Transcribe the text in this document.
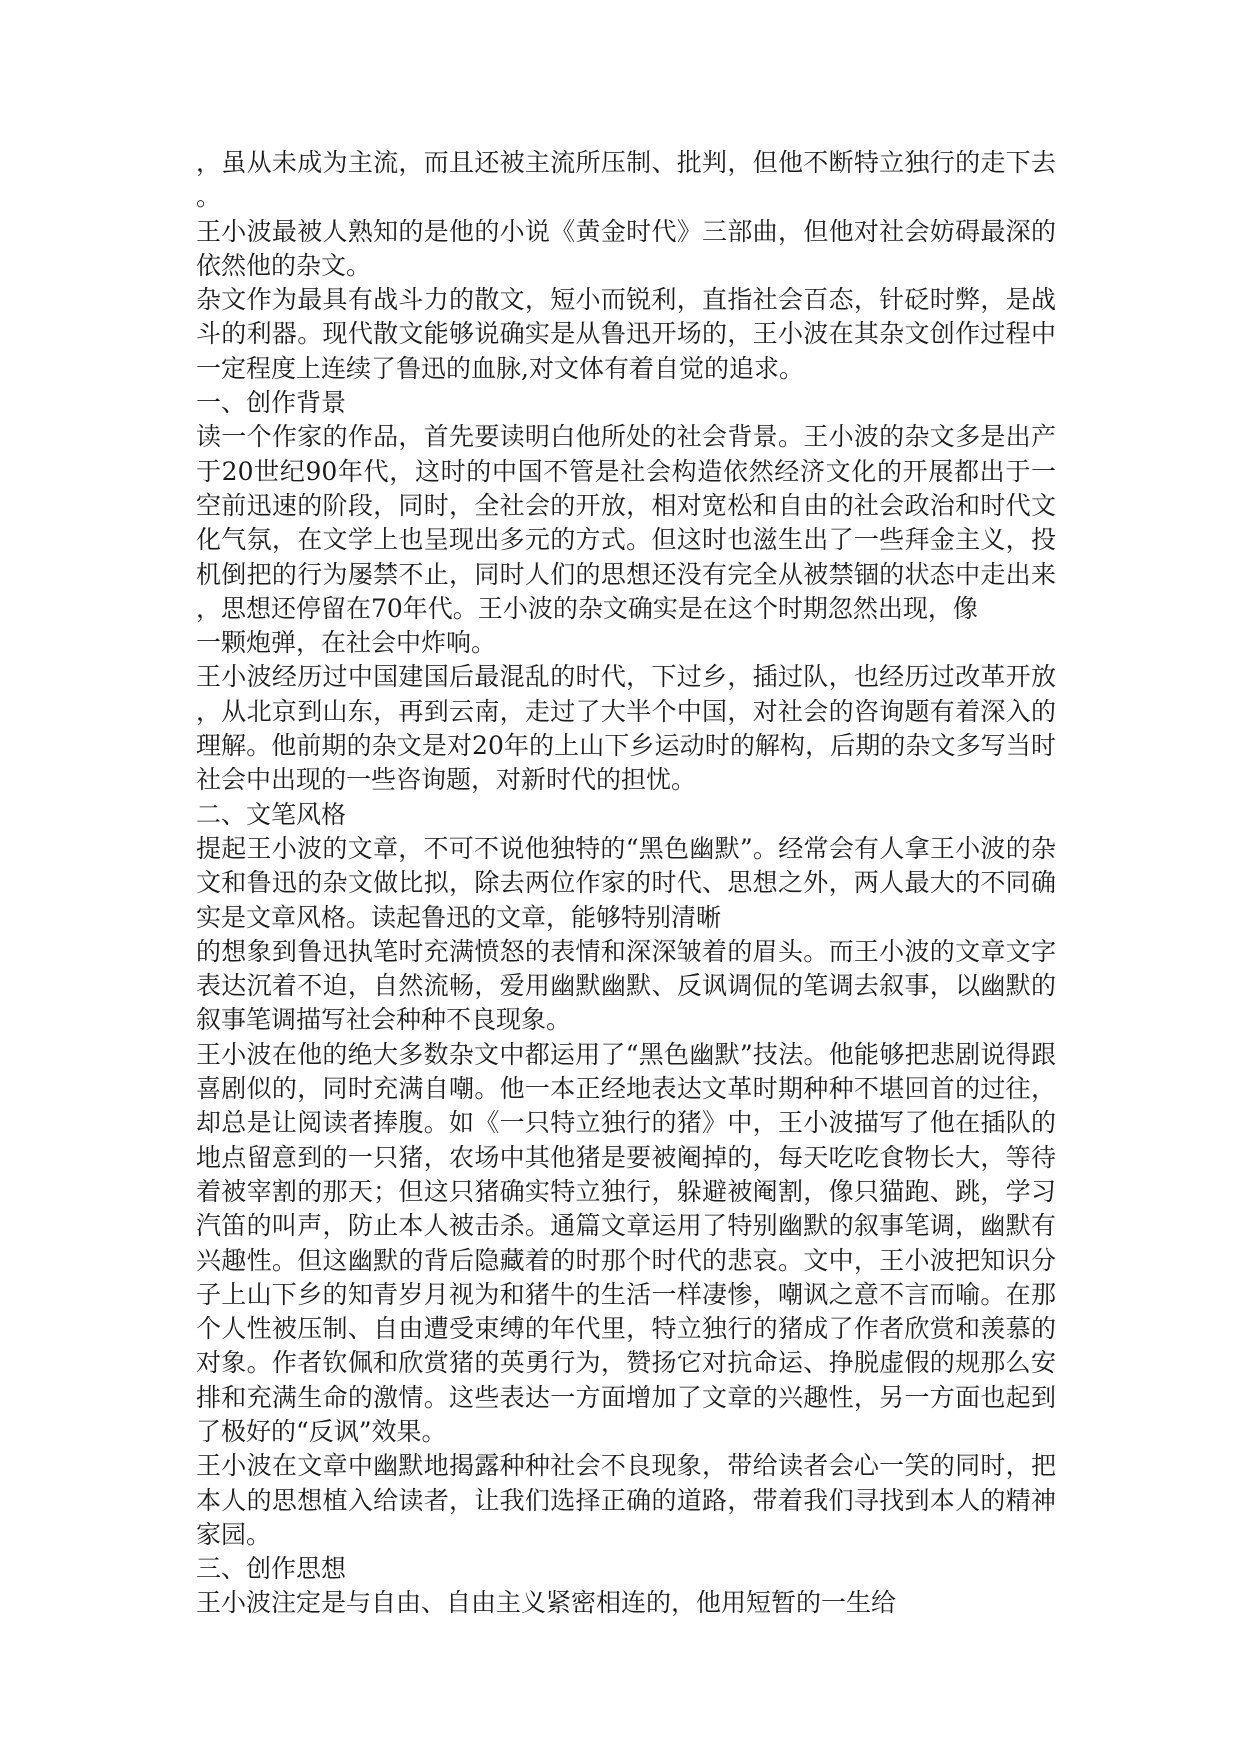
，虽从未成为主流，而且还被主流所压制、批判，但他不断特立独行的走下去
。
王小波最被人熟知的是他的小说《黄金时代》三部曲，但他对社会妨碍最深的
依然他的杂文。
杂文作为最具有战斗力的散文，短小而锐利，直指社会百态，针砭时弊，是战
斗的利器。现代散文能够说确实是从鲁迅开场的，王小波在其杂文创作过程中
一定程度上连续了鲁迅的血脉,对文体有着自觉的追求。
一、创作背景
读一个作家的作品，首先要读明白他所处的社会背景。王小波的杂文多是出产
于20世纪90年代，这时的中国不管是社会构造依然经济文化的开展都出于一
空前迅速的阶段，同时，全社会的开放，相对宽松和自由的社会政治和时代文
化气氛，在文学上也呈现出多元的方式。但这时也滋生出了一些拜金主义，投
机倒把的行为屡禁不止，同时人们的思想还没有完全从被禁锢的状态中走出来
，思想还停留在70年代。王小波的杂文确实是在这个时期忽然出现，像
一颗炮弹，在社会中炸响。
王小波经历过中国建国后最混乱的时代，下过乡，插过队，也经历过改革开放
，从北京到山东，再到云南，走过了大半个中国，对社会的咨询题有着深入的
理解。他前期的杂文是对20年的上山下乡运动时的解构，后期的杂文多写当时
社会中出现的一些咨询题，对新时代的担忧。
二、文笔风格
提起王小波的文章，不可不说他独特的“黑色幽默”。经常会有人拿王小波的杂
文和鲁迅的杂文做比拟，除去两位作家的时代、思想之外，两人最大的不同确
实是文章风格。读起鲁迅的文章，能够特别清晰
的想象到鲁迅执笔时充满愤怒的表情和深深皱着的眉头。而王小波的文章文字
表达沉着不迫，自然流畅，爱用幽默幽默、反讽调侃的笔调去叙事，以幽默的
叙事笔调描写社会种种不良现象。
王小波在他的绝大多数杂文中都运用了“黑色幽默”技法。他能够把悲剧说得跟
喜剧似的，同时充满自嘲。他一本正经地表达文革时期种种不堪回首的过往，
却总是让阅读者捧腹。如《一只特立独行的猪》中，王小波描写了他在插队的
地点留意到的一只猪，农场中其他猪是要被阉掉的，每天吃吃食物长大，等待
着被宰割的那天；但这只猪确实特立独行，躲避被阉割，像只猫跑、跳，学习
汽笛的叫声，防止本人被击杀。通篇文章运用了特别幽默的叙事笔调，幽默有
兴趣性。但这幽默的背后隐藏着的时那个时代的悲哀。文中，王小波把知识分
子上山下乡的知青岁月视为和猪牛的生活一样凄惨，嘲讽之意不言而喻。在那
个人性被压制、自由遭受束缚的年代里，特立独行的猪成了作者欣赏和羡慕的
对象。作者钦佩和欣赏猪的英勇行为，赞扬它对抗命运、挣脱虚假的规那么安
排和充满生命的激情。这些表达一方面增加了文章的兴趣性，另一方面也起到
了极好的“反讽”效果。
王小波在文章中幽默地揭露种种社会不良现象，带给读者会心一笑的同时，把
本人的思想植入给读者，让我们选择正确的道路，带着我们寻找到本人的精神
家园。
三、创作思想
王小波注定是与自由、自由主义紧密相连的，他用短暂的一生给
